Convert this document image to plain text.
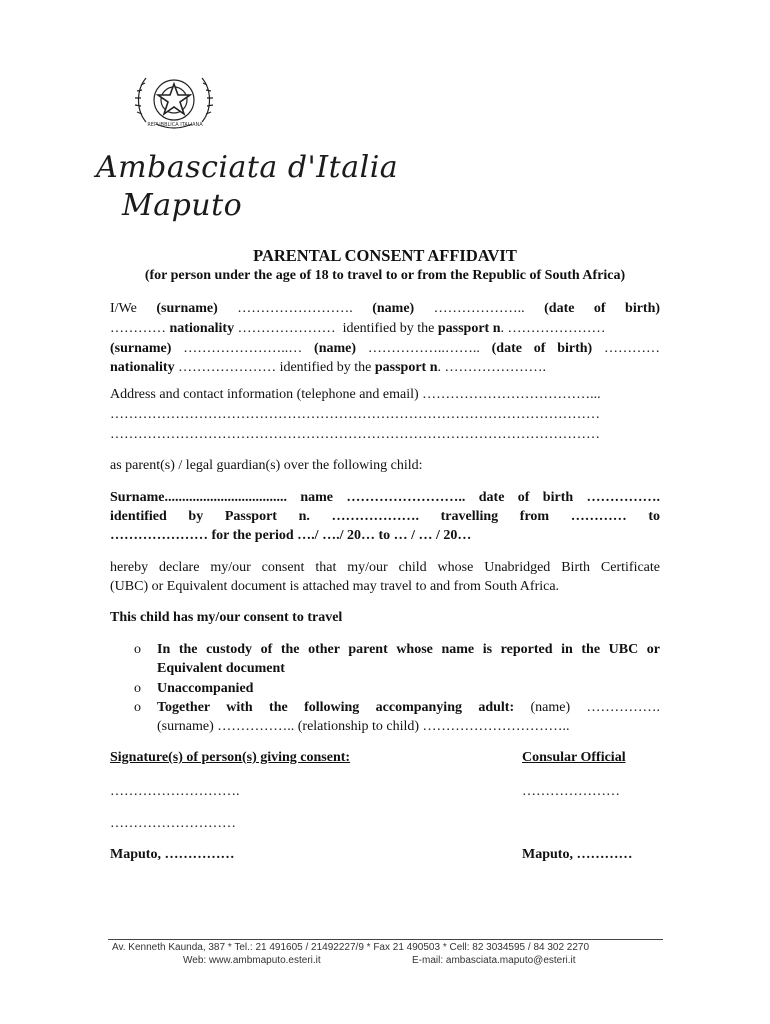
REPUBBLICA ITALIANA
Ambasciata d'Italia
Maputo
PARENTAL CONSENT AFFIDAVIT
(for person under the age of 18 to travel to or from the Republic of South Africa)
I/We (surname) ……………………. (name) ……………….. (date of birth)
………… nationality ………………… identified by the passport n. …………………
(surname) …………………..… (name) ……………..…….. (date of birth) …………
nationality ………………… identified by the passport n. ………………….
Address and contact information (telephone and email) ………………………………...
……………………………………………………………………………………………
……………………………………………………………………………………………
as parent(s) / legal guardian(s) over the following child:
Surname................................... name …………………….. date of birth …………….
identified by Passport n. ………………. travelling from ………… to
………………… for the period …./ …./ 20… to … / … / 20…
hereby declare my/our consent that my/our child whose Unabridged Birth Certificate
(UBC) or Equivalent document is attached may travel to and from South Africa.
This child has my/our consent to travel
o In the custody of the other parent whose name is reported in the UBC or
Equivalent document
o Unaccompanied
o Together with the following accompanying adult: (name) …………….
(surname) …………….. (relationship to child) …………………………..
Signature(s) of person(s) giving consent:	Consular Official
……………………….	…………………
………………………
Maputo, ……………	Maputo, …………
Av. Kenneth Kaunda, 387 * Tel.: 21 491605 / 21492227/9 * Fax 21 490503 * Cell: 82 3034595 / 84 302 2270
Web: www.ambmaputo.esteri.it	E-mail: ambasciata.maputo@esteri.it
